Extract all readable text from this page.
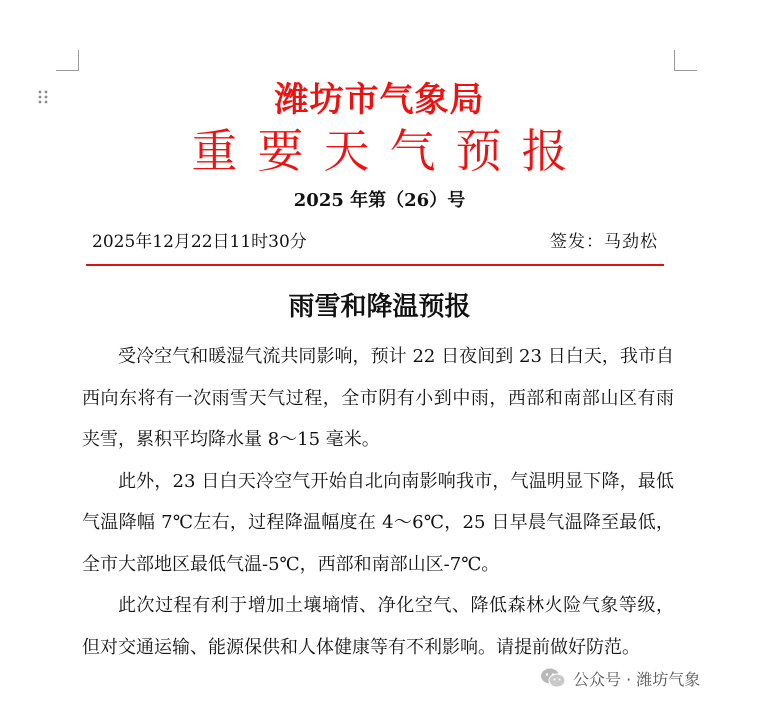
潍坊市气象局
重要天气预报
2025 年第（26）号
2025年12月22日11时30分	签发：马劲松
雨雪和降温预报

受冷空气和暖湿气流共同影响，预计 22 日夜间到 23 日白天，我市自西向东将有一次雨雪天气过程，全市阴有小到中雨，西部和南部山区有雨夹雪，累积平均降水量 8～15 毫米。

此外，23 日白天冷空气开始自北向南影响我市，气温明显下降，最低气温降幅 7℃左右，过程降温幅度在 4～6℃，25 日早晨气温降至最低，全市大部地区最低气温-5℃，西部和南部山区-7℃。

此次过程有利于增加土壤墒情、净化空气、降低森林火险气象等级，但对交通运输、能源保供和人体健康等有不利影响。请提前做好防范。

公众号 · 潍坊气象
